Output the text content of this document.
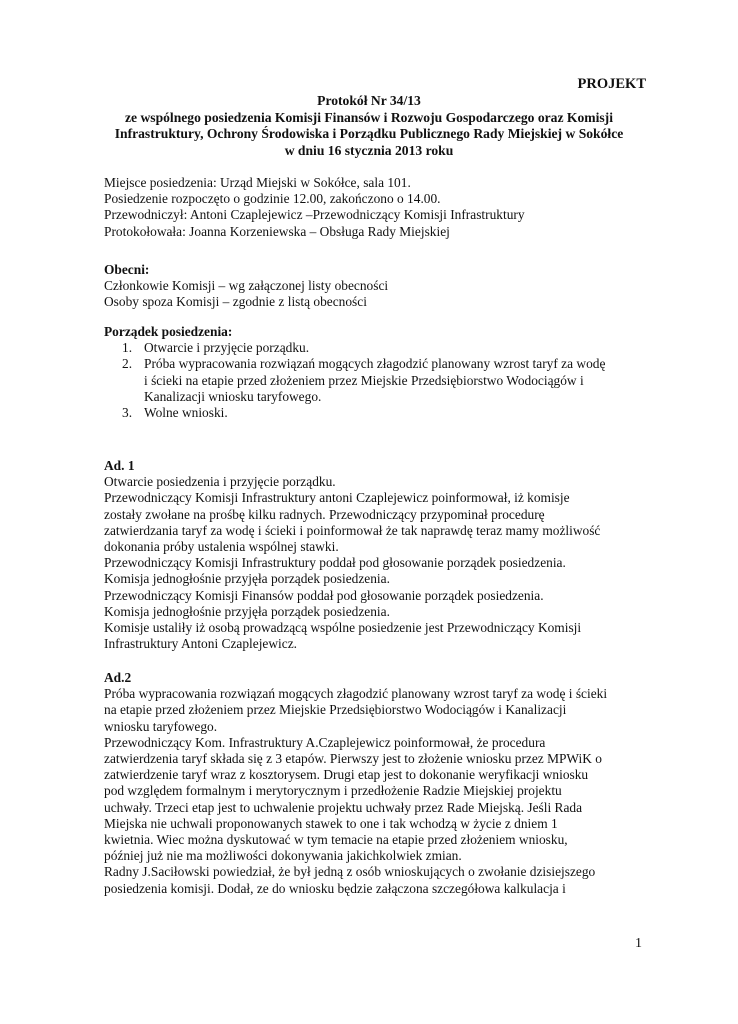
PROJEKT
Protokół Nr 34/13
ze wspólnego posiedzenia Komisji Finansów i Rozwoju Gospodarczego oraz Komisji
Infrastruktury, Ochrony Środowiska i Porządku Publicznego Rady Miejskiej w Sokółce
w dniu 16 stycznia 2013 roku
Miejsce posiedzenia: Urząd Miejski w Sokółce, sala 101.
Posiedzenie rozpoczęto o godzinie 12.00, zakończono o 14.00.
Przewodniczył: Antoni Czaplejewicz –Przewodniczący Komisji Infrastruktury
Protokołowała: Joanna Korzeniewska – Obsługa Rady Miejskiej
Obecni:
Członkowie Komisji – wg załączonej listy obecności
Osoby spoza Komisji – zgodnie z listą obecności
Porządek posiedzenia:
1. Otwarcie i przyjęcie porządku.
2. Próba wypracowania rozwiązań mogących złagodzić planowany wzrost taryf za wodę
i ścieki na etapie przed złożeniem przez Miejskie Przedsiębiorstwo Wodociągów i
Kanalizacji wniosku taryfowego.
3. Wolne wnioski.
Ad. 1
Otwarcie posiedzenia i przyjęcie porządku.
Przewodniczący Komisji Infrastruktury antoni Czaplejewicz poinformował, iż komisje
zostały zwołane na prośbę kilku radnych. Przewodniczący przypominał procedurę
zatwierdzania taryf za wodę i ścieki i poinformował że tak naprawdę teraz mamy możliwość
dokonania próby ustalenia wspólnej stawki.
Przewodniczący Komisji Infrastruktury poddał pod głosowanie porządek posiedzenia.
Komisja jednogłośnie przyjęła porządek posiedzenia.
Przewodniczący Komisji Finansów poddał pod głosowanie porządek posiedzenia.
Komisja jednogłośnie przyjęła porządek posiedzenia.
Komisje ustaliły iż osobą prowadzącą wspólne posiedzenie jest Przewodniczący Komisji
Infrastruktury Antoni Czaplejewicz.
Ad.2
Próba wypracowania rozwiązań mogących złagodzić planowany wzrost taryf za wodę i ścieki
na etapie przed złożeniem przez Miejskie Przedsiębiorstwo Wodociągów i Kanalizacji
wniosku taryfowego.
Przewodniczący Kom. Infrastruktury A.Czaplejewicz poinformował, że procedura
zatwierdzenia taryf składa się z 3 etapów. Pierwszy jest to złożenie wniosku przez MPWiK o
zatwierdzenie taryf wraz z kosztorysem. Drugi etap jest to dokonanie weryfikacji wniosku
pod względem formalnym i merytorycznym i przedłożenie Radzie Miejskiej projektu
uchwały. Trzeci etap jest to uchwalenie projektu uchwały przez Rade Miejską. Jeśli Rada
Miejska nie uchwali proponowanych stawek to one i tak wchodzą w życie z dniem 1
kwietnia. Wiec można dyskutować w tym temacie na etapie przed złożeniem wniosku,
później już nie ma możliwości dokonywania jakichkolwiek zmian.
Radny J.Saciłowski powiedział, że był jedną z osób wnioskujących o zwołanie dzisiejszego
posiedzenia komisji. Dodał, ze do wniosku będzie załączona szczegółowa kalkulacja i
1
